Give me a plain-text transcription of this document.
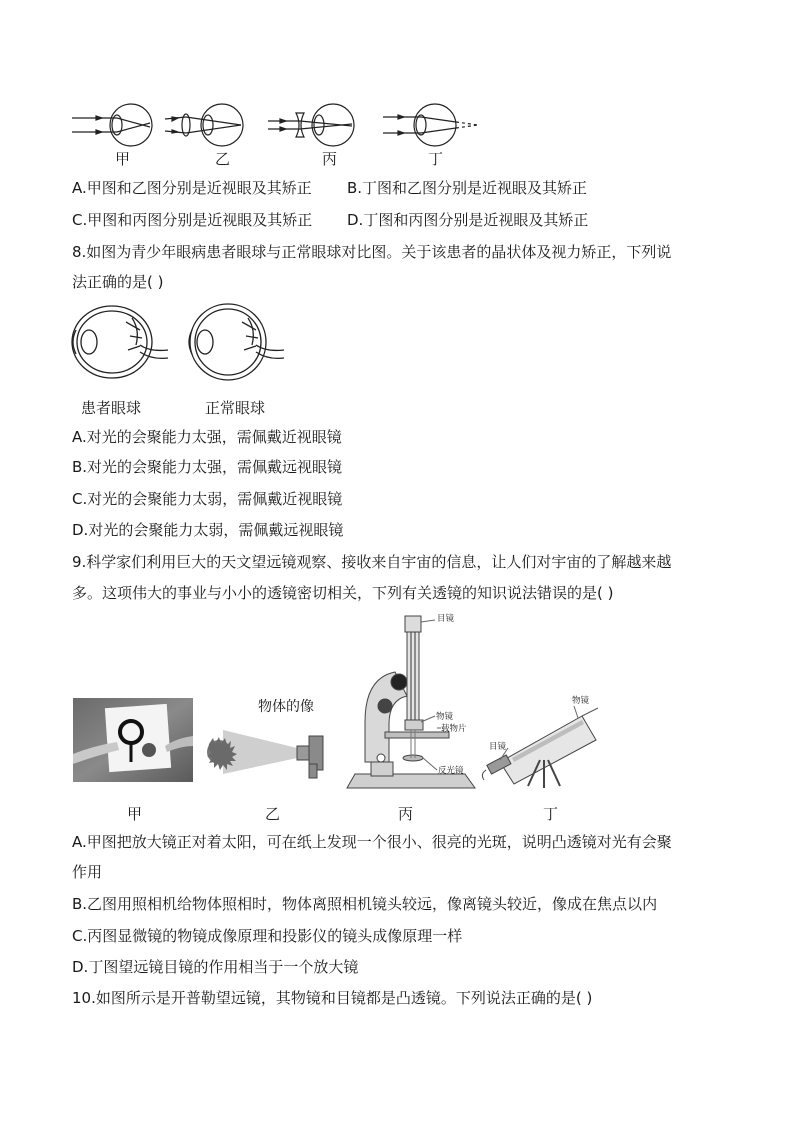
甲	乙	丙	丁
A.甲图和乙图分别是近视眼及其矫正 B.丁图和乙图分别是近视眼及其矫正
C.甲图和丙图分别是近视眼及其矫正 D.丁图和丙图分别是近视眼及其矫正
8.如图为青少年眼病患者眼球与正常眼球对比图。关于该患者的晶状体及视力矫正，下列说
法正确的是( )
患者眼球	正常眼球
A.对光的会聚能力太强，需佩戴近视眼镜
B.对光的会聚能力太强，需佩戴远视眼镜
C.对光的会聚能力太弱，需佩戴近视眼镜
D.对光的会聚能力太弱，需佩戴远视眼镜
9.科学家们利用巨大的天文望远镜观察、接收来自宇宙的信息，让人们对宇宙的了解越来越
多。这项伟大的事业与小小的透镜密切相关，下列有关透镜的知识说法错误的是( )
物体的像
目镜
物镜
载物片
反光镜
物镜
目镜
甲	乙	丙	丁
A.甲图把放大镜正对着太阳，可在纸上发现一个很小、很亮的光斑，说明凸透镜对光有会聚
作用
B.乙图用照相机给物体照相时，物体离照相机镜头较远，像离镜头较近，像成在焦点以内
C.丙图显微镜的物镜成像原理和投影仪的镜头成像原理一样
D.丁图望远镜目镜的作用相当于一个放大镜
10.如图所示是开普勒望远镜，其物镜和目镜都是凸透镜。下列说法正确的是( )
